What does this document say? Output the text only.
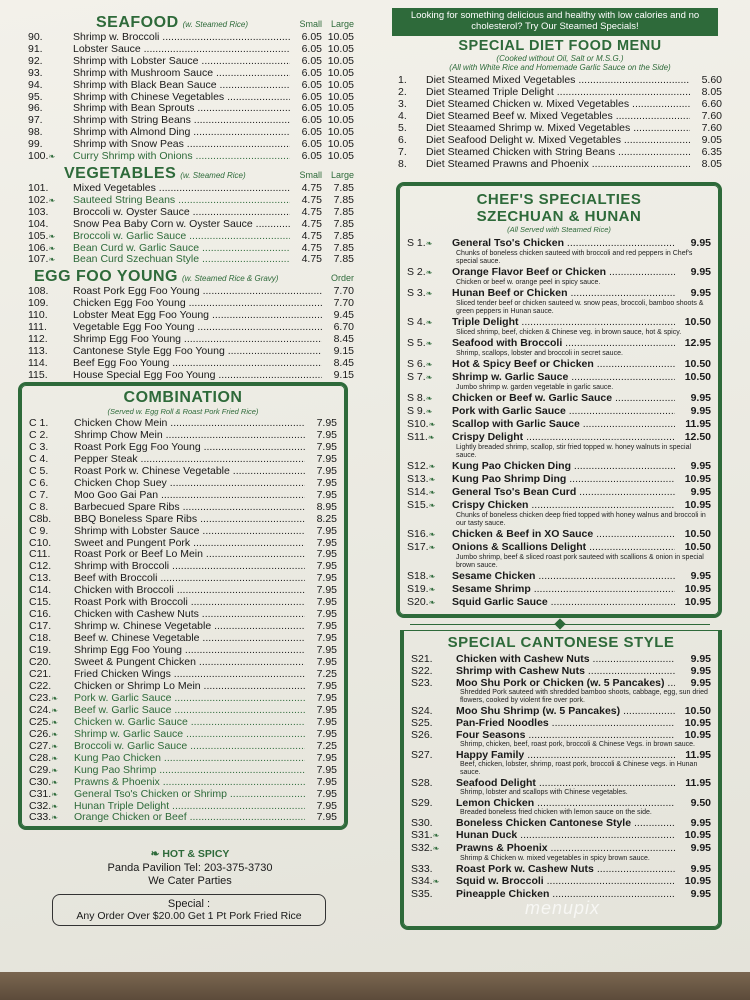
SEAFOOD (w. Steamed Rice)	Small Large
90.	Shrimp w. Broccoli .....	6.05 10.05
91.	Lobster Sauce .....	6.05 10.05
92.	Shrimp with Lobster Sauce .....	6.05 10.05
93.	Shrimp with Mushroom Sauce .....	6.05 10.05
94.	Shrimp with Black Bean Sauce .....	6.05 10.05
95.	Shrimp with Chinese Vegetables .....	6.05 10.05
96.	Shrimp with Bean Sprouts .....	6.05 10.05
97.	Shrimp with String Beans .....	6.05 10.05
98.	Shrimp with Almond Ding .....	6.05 10.05
99.	Shrimp with Snow Peas .....	6.05 10.05
100.❧	Curry Shrimp with Onions .....	6.05 10.05
VEGETABLES (w. Steamed Rice)	Small Large
101.	Mixed Vegetables .....	4.75	7.85
102.❧	Sauteed String Beans .....	4.75	7.85
103.	Broccoli w. Oyster Sauce .....	4.75	7.85
104.	Snow Pea Baby Corn w. Oyster Sauce .....	4.75	7.85
105.❧	Broccoli w. Garlic Sauce .....	4.75	7.85
106.❧	Bean Curd w. Garlic Sauce .....	4.75	7.85
107.❧	Bean Curd Szechuan Style .....	4.75	7.85
EGG FOO YOUNG (w. Steamed Rice & Gravy)	Order
108.	Roast Pork Egg Foo Young .....	7.70
109.	Chicken Egg Foo Young .....	7.70
110.	Lobster Meat Egg Foo Young .....	9.45
111.	Vegetable Egg Foo Young .....	6.70
112.	Shrimp Egg Foo Young .....	8.45
113.	Cantonese Style Egg Foo Young .....	9.15
114.	Beef Egg Foo Young .....	8.45
115.	House Special Egg Foo Young .....	9.15
COMBINATION
(Served w. Egg Roll & Roast Pork Fried Rice)
C 1.	Chicken Chow Mein .....	7.95
C 2.	Shrimp Chow Mein .....	7.95
C 3.	Roast Pork Egg Foo Young .....	7.95
C 4.	Pepper Steak .....	7.95
C 5.	Roast Pork w. Chinese Vegetable .....	7.95
C 6.	Chicken Chop Suey .....	7.95
C 7.	Moo Goo Gai Pan .....	7.95
C 8.	Barbecued Spare Ribs .....	8.95
C8b.	BBQ Boneless Spare Ribs .....	8.25
C 9.	Shrimp with Lobster Sauce .....	7.95
C10.	Sweet and Pungent Pork .....	7.95
C11.	Roast Pork or Beef Lo Mein .....	7.95
C12.	Shrimp with Broccoli .....	7.95
C13.	Beef with Broccoli .....	7.95
C14.	Chicken with Broccoli .....	7.95
C15.	Roast Pork with Broccoli .....	7.95
C16.	Chicken with Cashew Nuts .....	7.95
C17.	Shrimp w. Chinese Vegetable .....	7.95
C18.	Beef w. Chinese Vegetable .....	7.95
C19.	Shrimp Egg Foo Young .....	7.95
C20.	Sweet & Pungent Chicken .....	7.95
C21.	Fried Chicken Wings .....	7.25
C22.	Chicken or Shrimp Lo Mein .....	7.95
C23.❧	Pork w. Garlic Sauce .....	7.95
C24.❧	Beef w. Garlic Sauce .....	7.95
C25.❧	Chicken w. Garlic Sauce .....	7.95
C26.❧	Shrimp w. Garlic Sauce .....	7.95
C27.❧	Broccoli w. Garlic Sauce .....	7.25
C28.❧	Kung Pao Chicken .....	7.95
C29.❧	Kung Pao Shrimp .....	7.95
C30.❧	Prawns & Phoenix .....	7.95
C31.❧	General Tso's Chicken or Shrimp .....	7.95
C32.❧	Hunan Triple Delight .....	7.95
C33.❧	Orange Chicken or Beef .....	7.95
❧ HOT & SPICY
Panda Pavilion Tel: 203-375-3730
We Cater Parties
Special :
Any Order Over $20.00 Get 1 Pt Pork Fried Rice
Looking for something delicious and healthy with low calories and no cholesterol? Try Our Steamed Specials!
SPECIAL DIET FOOD MENU
(Cooked without Oil, Salt or M.S.G.)
(All with White Rice and Homemade Garlic Sauce on the Side)
1.	Diet Steamed Mixed Vegetables .....	5.60
2.	Diet Steamed Triple Delight .....	8.05
3.	Diet Steamed Chicken w. Mixed Vegetables .....	6.60
4.	Diet Steamed Beef w. Mixed Vegetables .....	7.60
5.	Diet Steaamed Shrimp w. Mixed Vegetables .....	7.60
6.	Diet Seafood Delight w. Mixed Vegetables .....	9.05
7.	Diet Steamed Chicken with String Beans .....	6.35
8.	Diet Steamed Prawns and Phoenix .....	8.05
CHEF'S SPECIALTIES
SZECHUAN & HUNAN
(All Served with Steamed Rice)
S 1.❧	General Tso's Chicken .....	9.95
Chunks of boneless chicken sauteed with broccoli and red peppers in Chef's special sauce.
S 2.❧	Orange Flavor Beef or Chicken .....	9.95
Chicken or beef w. orange peel in spicy sauce.
S 3.❧	Hunan Beef or Chicken .....	9.95
Sliced tender beef or chicken sauteed w. snow peas, broccoli, bamboo shoots & green peppers in Hunan sauce.
S 4.❧	Triple Delight .....	10.50
Sliced shrimp, beef, chicken & Chinese veg. in brown sauce, hot & spicy.
S 5.❧	Seafood with Broccoli .....	12.95
Shrimp, scallops, lobster and broccoli in secret sauce.
S 6.❧	Hot & Spicy Beef or Chicken .....	10.50
S 7.❧	Shrimp w. Garlic Sauce .....	10.50
Jumbo shrimp w. garden vegetable in garlic sauce.
S 8.❧	Chicken or Beef w. Garlic Sauce .....	9.95
S 9.❧	Pork with Garlic Sauce .....	9.95
S10.❧	Scallop with Garlic Sauce .....	11.95
S11.❧	Crispy Delight .....	12.50
Lightly breaded shrimp, scallop, stir fried topped w. honey walnuts in special sauce.
S12.❧	Kung Pao Chicken Ding .....	9.95
S13.❧	Kung Pao Shrimp Ding .....	10.95
S14.❧	General Tso's Bean Curd .....	9.95
S15.❧	Crispy Chicken .....	10.95
Chunks of boneless chicken deep fried topped with honey walnus and broccoli in our tasty sauce.
S16.❧	Chicken & Beef in XO Sauce .....	10.50
S17.❧	Onions & Scallions Delight .....	10.50
Jumbo shrimp, beef & sliced roast pork sauteed with scallions & onion in special brown sauce.
S18.❧	Sesame Chicken .....	9.95
S19.❧	Sesame Shrimp .....	10.95
S20.❧	Squid Garlic Sauce .....	10.95
SPECIAL CANTONESE STYLE
S21.	Chicken with Cashew Nuts .....	9.95
S22.	Shrimp with Cashew Nuts .....	9.95
S23.	Moo Shu Pork or Chicken (w. 5 Pancakes) .....	9.95
Shredded Pork sauteed with shredded bamboo shoots, cabbage, egg, sun dried flowers, cooked by violent fire over pork.
S24.	Moo Shu Shrimp (w. 5 Pancakes) .....	10.50
S25.	Pan-Fried Noodles .....	10.95
S26.	Four Seasons .....	10.95
Shrimp, chicken, beef, roast pork, broccoli & Chinese Vegs. in brown sauce.
S27.	Happy Family .....	11.95
Beef, chicken, lobster, shrimp, roast pork, broccoli & Chinese vegs. in Hunan sauce.
S28.	Seafood Delight .....	11.95
Shrimp, lobster and scallops with Chinese vegetables.
S29.	Lemon Chicken .....	9.50
Breaded boneless fried chicken with lemon sauce on the side.
S30.	Boneless Chicken Cantonese Style .....	9.95
S31.❧	Hunan Duck .....	10.95
S32.❧	Prawns & Phoenix .....	9.95
Shrimp & Chicken w. mixed vegetables in spicy brown sauce.
S33.	Roast Pork w. Cashew Nuts .....	9.95
S34.❧	Squid w. Broccoli .....	10.95
S35.	Pineapple Chicken .....	9.95
menupix
